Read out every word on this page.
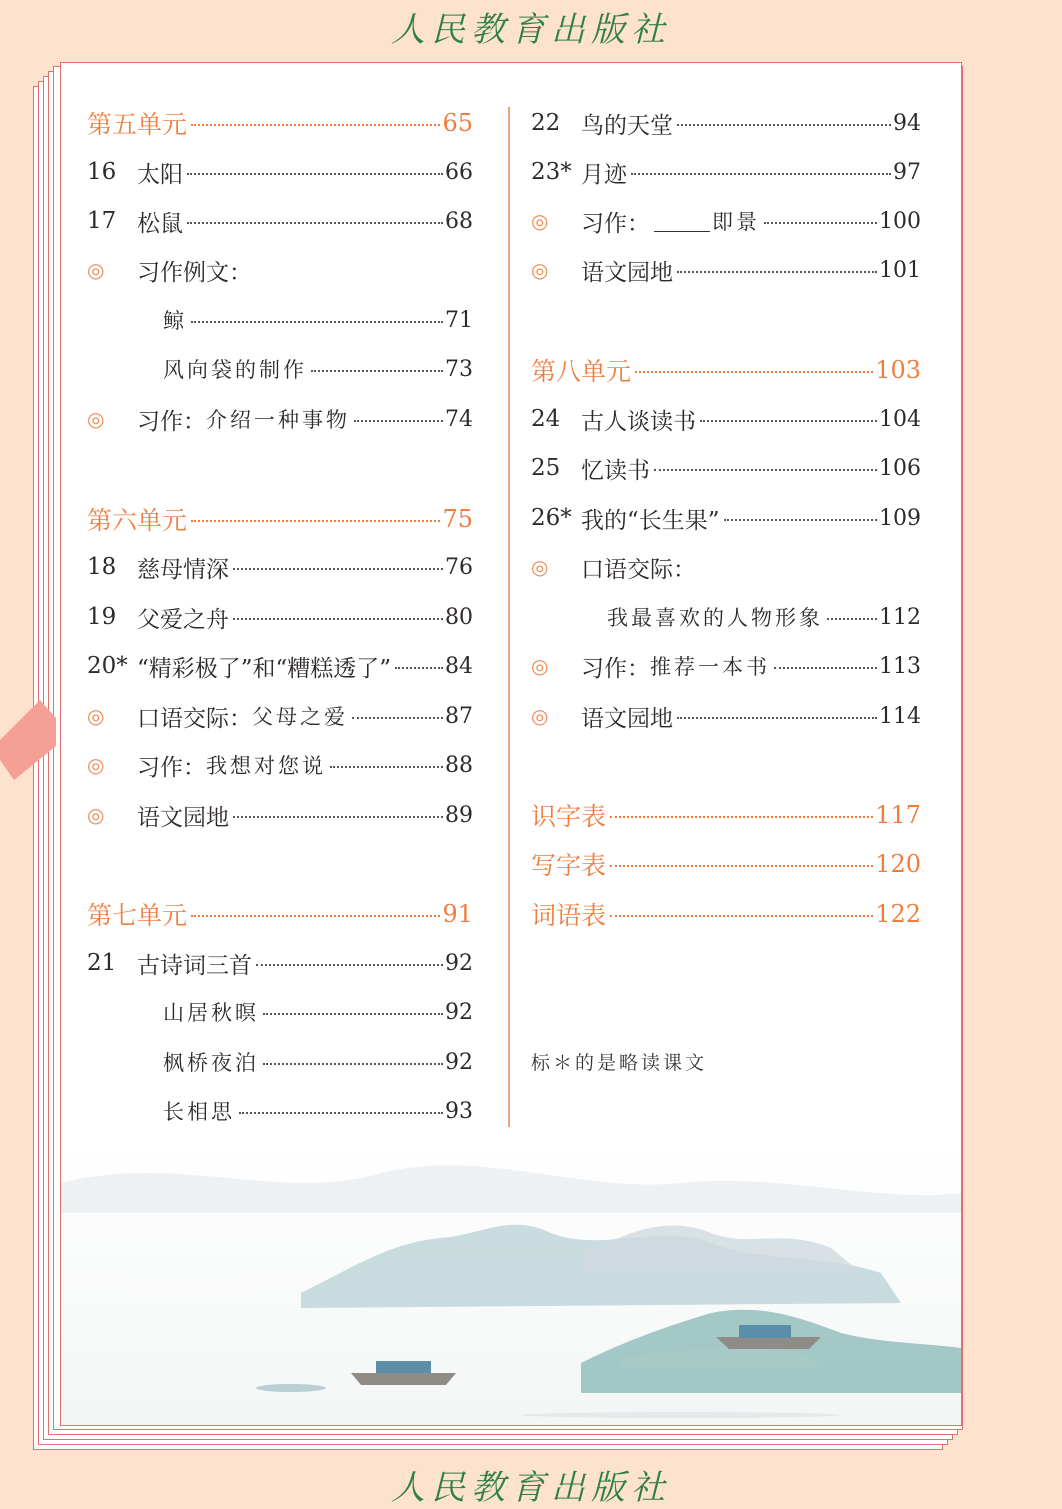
人民教育出版社
第五单元	65
16 太阳	66
17 松鼠	68
◎	习作例文：
鲸	71
风向袋的制作	73
◎	习作： 介绍一种事物	74
第六单元	75
18 慈母情深	76
19 父爱之舟	80
20* “精彩极了”和“糟糕透了” 84
◎	口语交际： 父母之爱	87
◎	习作： 我想对您说	88
◎	语文园地	89
第七单元	91
21 古诗词三首	92
山居秋暝	92
枫桥夜泊	92
长相思	93
22 鸟的天堂	94
23* 月迹	97
◎	习作：	即景	100
◎	语文园地	101
第八单元	103
24 古人谈读书	104
25 忆读书	106
26* 我的“长生果”	109
◎	口语交际：
我最喜欢的人物形象	112
◎	习作： 推荐一本书	113
◎	语文园地	114
识字表	117
写字表	120
词语表	122
标＊的是略读课文
人民教育出版社
